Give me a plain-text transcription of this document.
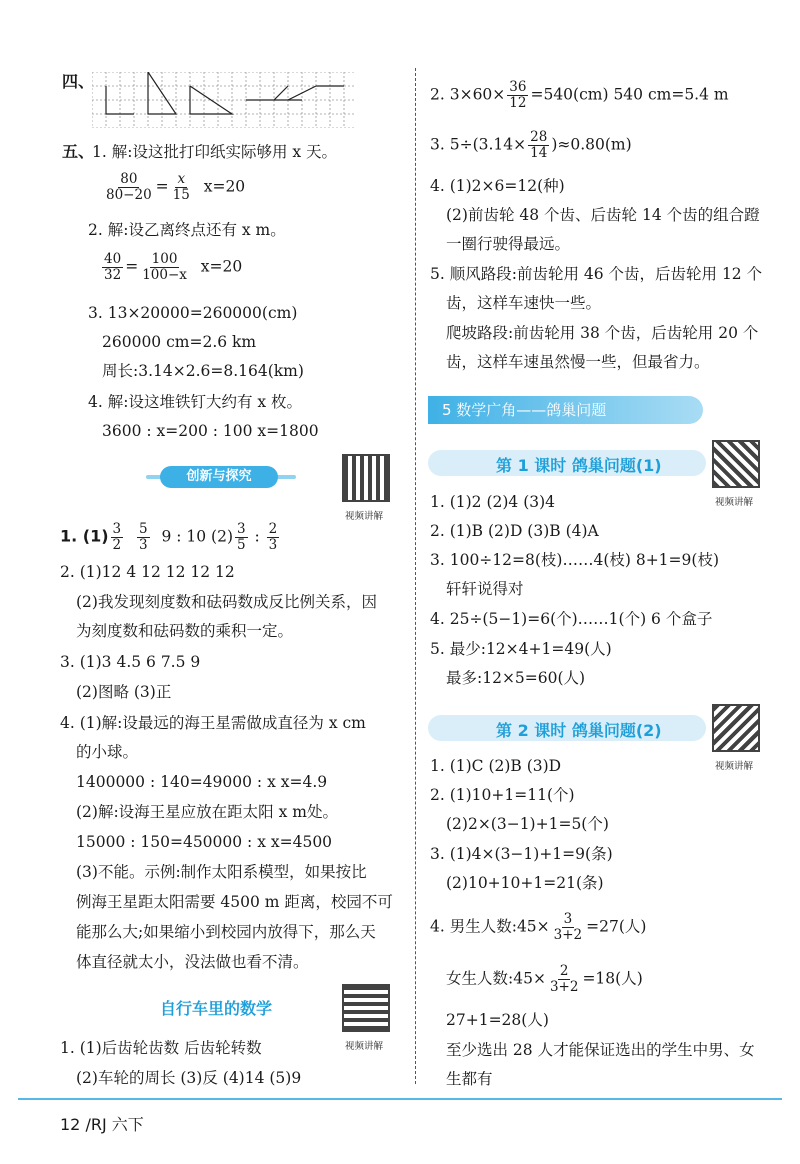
四、
五、
1. 解:设这批打印纸实际够用 x 天。
$\frac{80}{80-20} = \frac{x}{15} x=20$
2. 解:设乙离终点还有 x m。
$\frac{40}{32} = \frac{100}{100-x} x=20$
3. 13×20000=260000(cm)
260000 cm=2.6 km
周长:3.14×2.6=8.164(km)
4. 解:设这堆铁钉大约有 x 枚。
3600 : x=200 : 100 x=1800
创新与探究
视频讲解
1. $(1) \frac{3}{2}$
$\frac{5}{3} 9$ : 10 $(2) \frac{3}{5}$ : $\frac{2}{3}$
2. (1)12 4 12 12 12 12
(2)我发现刻度数和砝码数成反比例关系，因
为刻度数和砝码数的乘积一定。
3. (1)3 4.5 6 7.5 9
(2)图略 (3)正
4. (1)解:设最远的海王星需做成直径为 x cm
的小球。
1400000 : 140=49000 : x x=4.9
(2)解:设海王星应放在距太阳 x m处。
15000 : 150=450000 : x x=4500
(3)不能。示例:制作太阳系模型，如果按比
例海王星距太阳需要 4500 m 距离，校园不可
能那么大;如果缩小到校园内放得下，那么天
体直径就太小，没法做也看不清。
自行车里的数学
视频讲解
1. (1)后齿轮齿数 后齿轮转数
(2)车轮的周长 (3)反 (4)14 (5)9
2. $3\times 60\times \frac{36}{12} =540(cm)$ 540 cm=5.4 m
3. $5\div(3.14\times \frac{28}{14} )\approx 0.80(m)$
4. (1)2×6=12(种)
(2)前齿轮 48 个齿、后齿轮 14 个齿的组合蹬
一圈行驶得最远。
5. 顺风路段:前齿轮用 46 个齿，后齿轮用 12 个
齿，这样车速快一些。
爬坡路段:前齿轮用 38 个齿，后齿轮用 20 个
齿，这样车速虽然慢一些，但最省力。
5 数学广角——鸽巢问题
第 1 课时 鸽巢问题(1)
视频讲解
1. (1)2 (2)4 (3)4
2. (1)B (2)D (3)B (4)A
3. 100÷12=8(枝)……4(枝) 8+1=9(枝)
轩轩说得对
4. 25÷(5−1)=6(个)……1(个) 6 个盒子
5. 最少:12×4+1=49(人)
最多:12×5=60(人)
第 2 课时 鸽巢问题(2)
视频讲解
1. (1)C (2)B (3)D
2. (1)10+1=11(个)
(2)2×(3−1)+1=5(个)
3. (1)4×(3−1)+1=9(条)
(2)10+10+1=21(条)
4. 男生人数:45× $\frac{3}{3+2} =27$(人)
女生人数:45× $\frac{2}{3+2} =18$(人)
27+1=28(人)
至少选出 28 人才能保证选出的学生中男、女
生都有
12 /RJ 六下
